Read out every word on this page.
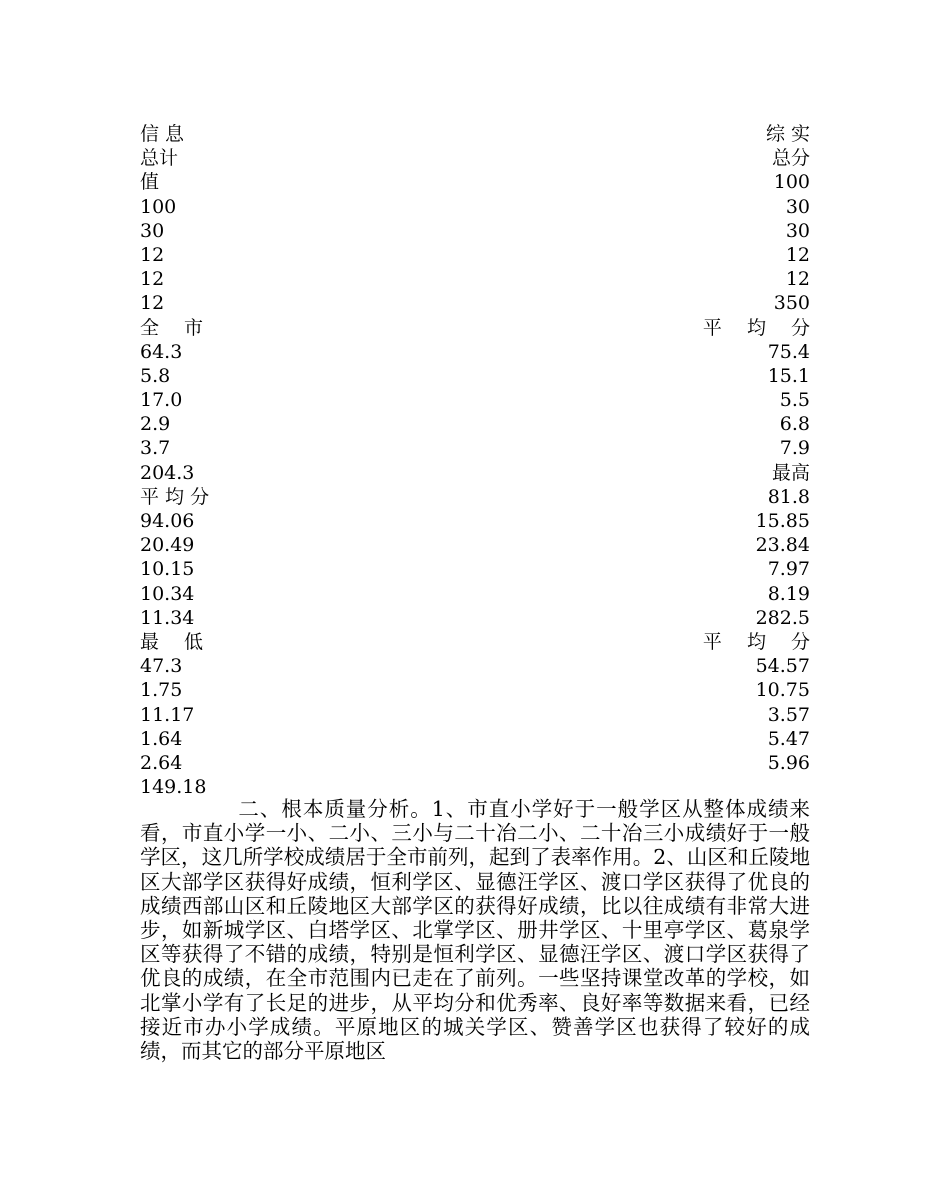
信 息	综 实
总计	总分
值	100
100	30
30	30
12	12
12	12
12	350
全　 市	平　 均　 分
64.3	75.4
5.8	15.1
17.0	5.5
2.9	6.8
3.7	7.9
204.3	最高
平 均 分	81.8
94.06	15.85
20.49	23.84
10.15	7.97
10.34	8.19
11.34	282.5
最　 低	平　 均　 分
47.3	54.57
1.75	10.75
11.17	3.57
1.64	5.47
2.64	5.96
149.18
二、根本质量分析。1、市直小学好于一般学区从整体成绩来看，市直小学一小、二小、三小与二十冶二小、二十冶三小成绩好于一般学区，这几所学校成绩居于全市前列，起到了表率作用。2、山区和丘陵地区大部学区获得好成绩，恒利学区、显德汪学区、渡口学区获得了优良的成绩西部山区和丘陵地区大部学区的获得好成绩，比以往成绩有非常大进步，如新城学区、白塔学区、北掌学区、册井学区、十里亭学区、葛泉学区等获得了不错的成绩，特别是恒利学区、显德汪学区、渡口学区获得了优良的成绩，在全市范围内已走在了前列。一些坚持课堂改革的学校，如北掌小学有了长足的进步，从平均分和优秀率、良好率等数据来看，已经接近市办小学成绩。平原地区的城关学区、赞善学区也获得了较好的成绩，而其它的部分平原地区
